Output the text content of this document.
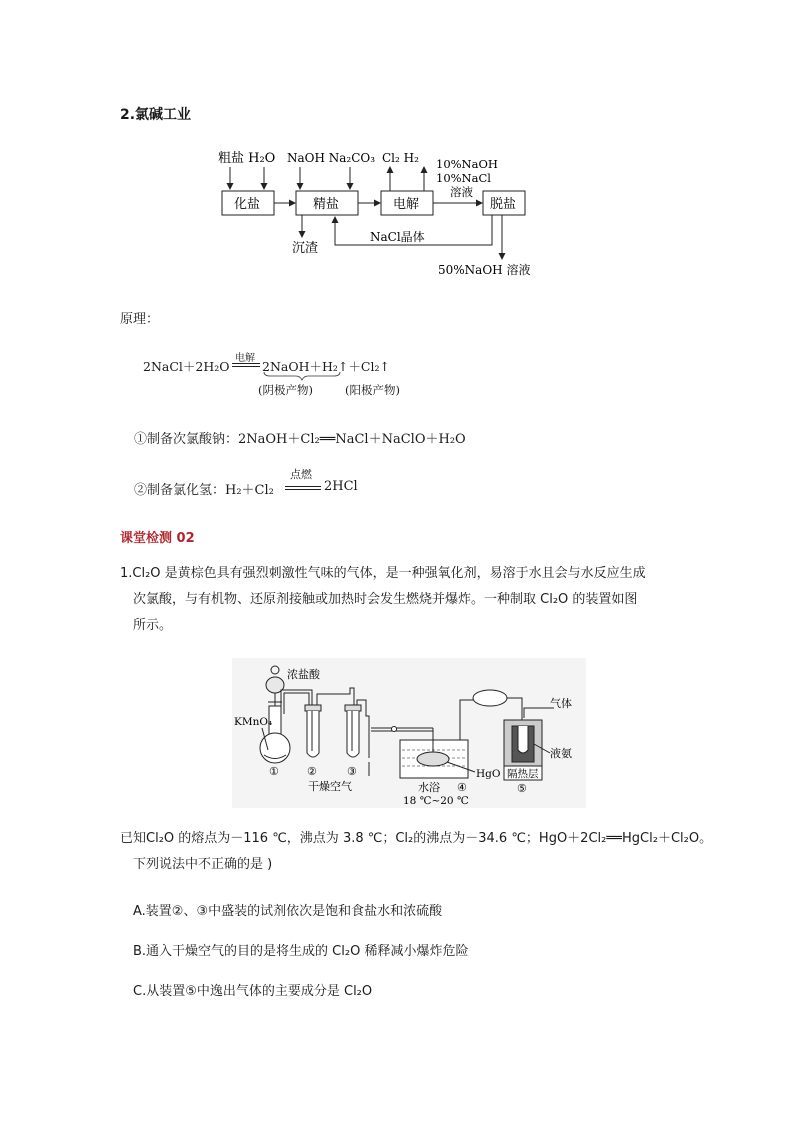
2.氯碱工业
粗盐 H₂O NaOH Na₂CO₃ Cl₂ H₂ 10%NaOH
10%NaCl
溶液
化盐	精盐	电解	脱盐
沉渣
NaCl晶体
50%NaOH 溶液
原理：
2NaCl＋2H₂O
电解
2NaOH＋H₂↑＋Cl₂↑
(阴极产物)	(阳极产物)
①制备次氯酸钠：2NaOH＋Cl₂══NaCl＋NaClO＋H₂O
②制备氯化氢：H₂＋Cl₂
点燃
2HCl
课堂检测 02
1.Cl₂O 是黄棕色具有强烈刺激性气味的气体，是一种强氧化剂，易溶于水且会与水反应生成
次氯酸，与有机物、还原剂接触或加热时会发生燃烧并爆炸。一种制取 Cl₂O 的装置如图
所示。
浓盐酸
KMnO₄
①	②	③
干燥空气	水浴 ④
18 ℃~20 ℃
HgO
气体
液氨
隔热层
⑤
已知Cl₂O 的熔点为－116 ℃，沸点为 3.8 ℃；Cl₂的沸点为－34.6 ℃；HgO＋2Cl₂══HgCl₂＋Cl₂O。
下列说法中不正确的是 )
A.装置②、③中盛装的试剂依次是饱和食盐水和浓硫酸
B.通入干燥空气的目的是将生成的 Cl₂O 稀释减小爆炸危险
C.从装置⑤中逸出气体的主要成分是 Cl₂O
